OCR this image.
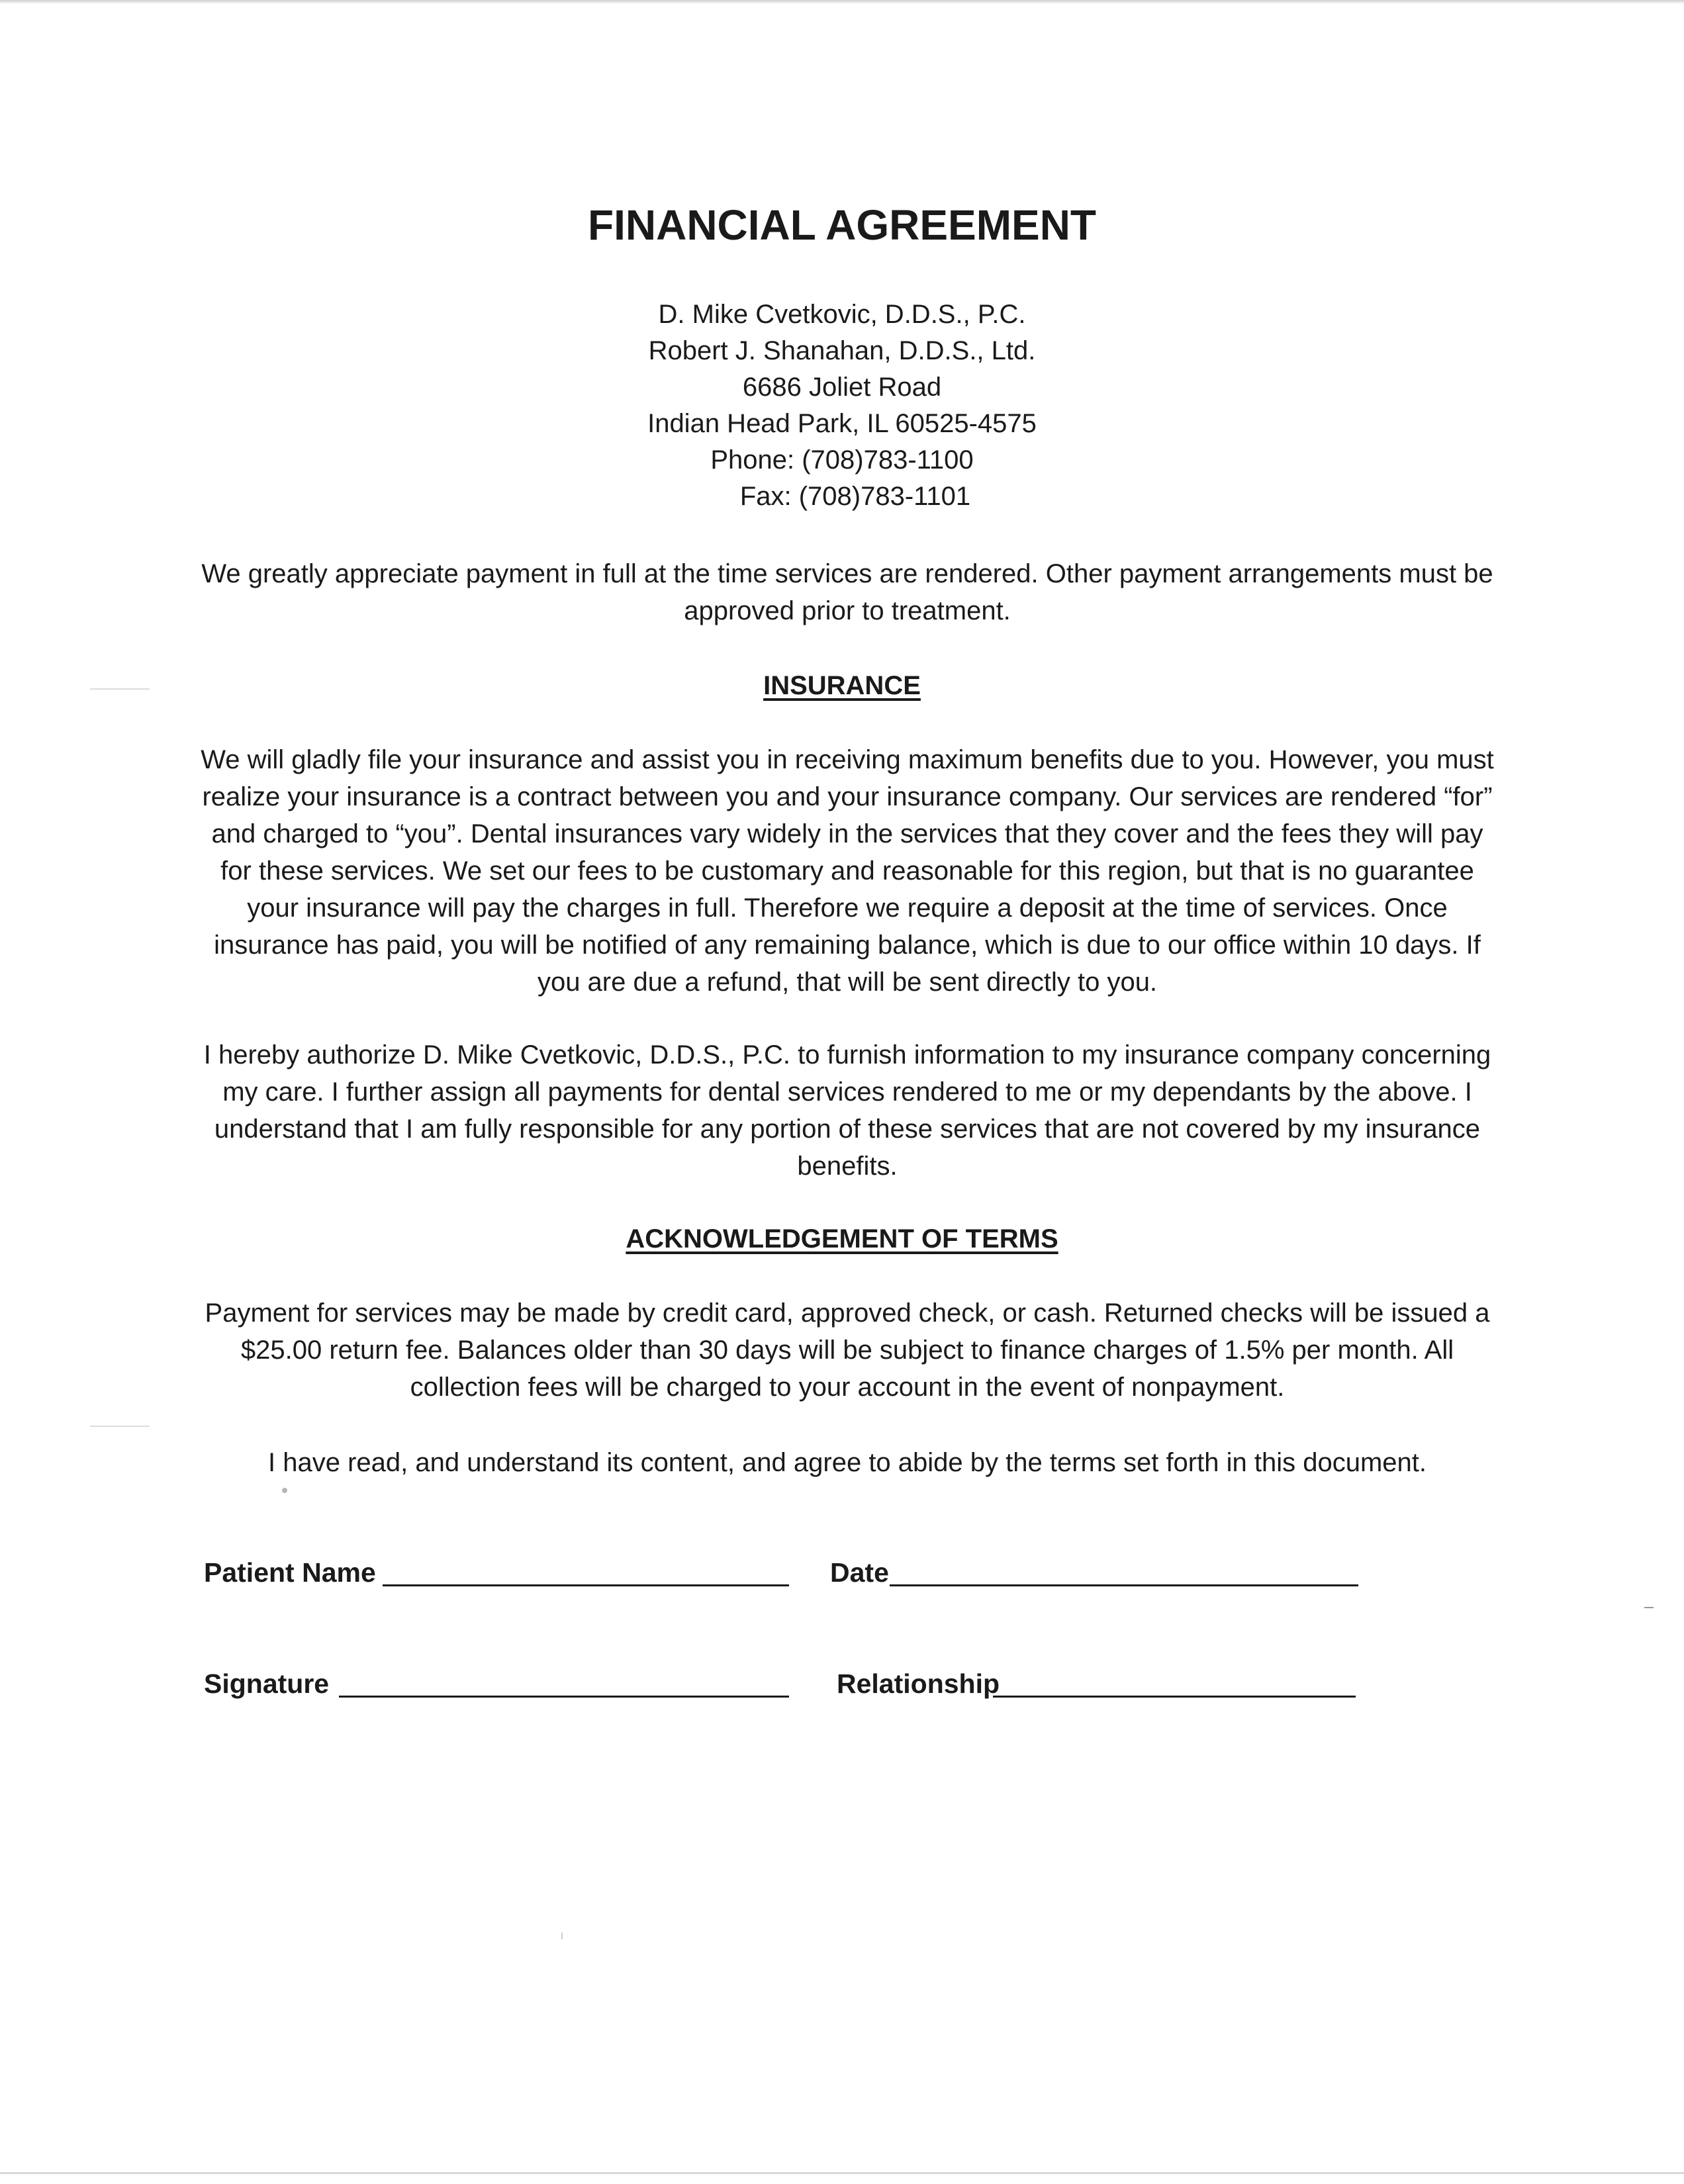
FINANCIAL AGREEMENT
D. Mike Cvetkovic, D.D.S., P.C.
Robert J. Shanahan, D.D.S., Ltd.
6686 Joliet Road
Indian Head Park, IL 60525-4575
Phone: (708)783-1100
Fax: (708)783-1101
We greatly appreciate payment in full at the time services are rendered. Other payment arrangements must be approved prior to treatment.
INSURANCE
We will gladly file your insurance and assist you in receiving maximum benefits due to you. However, you must realize your insurance is a contract between you and your insurance company. Our services are rendered “for” and charged to “you”. Dental insurances vary widely in the services that they cover and the fees they will pay for these services. We set our fees to be customary and reasonable for this region, but that is no guarantee your insurance will pay the charges in full. Therefore we require a deposit at the time of services. Once insurance has paid, you will be notified of any remaining balance, which is due to our office within 10 days. If you are due a refund, that will be sent directly to you.
I hereby authorize D. Mike Cvetkovic, D.D.S., P.C. to furnish information to my insurance company concerning my care. I further assign all payments for dental services rendered to me or my dependants by the above. I understand that I am fully responsible for any portion of these services that are not covered by my insurance benefits.
ACKNOWLEDGEMENT OF TERMS
Payment for services may be made by credit card, approved check, or cash. Returned checks will be issued a $25.00 return fee. Balances older than 30 days will be subject to finance charges of 1.5% per month. All collection fees will be charged to your account in the event of nonpayment.
I have read, and understand its content, and agree to abide by the terms set forth in this document.
Patient Name	Date
Signature	Relationship
